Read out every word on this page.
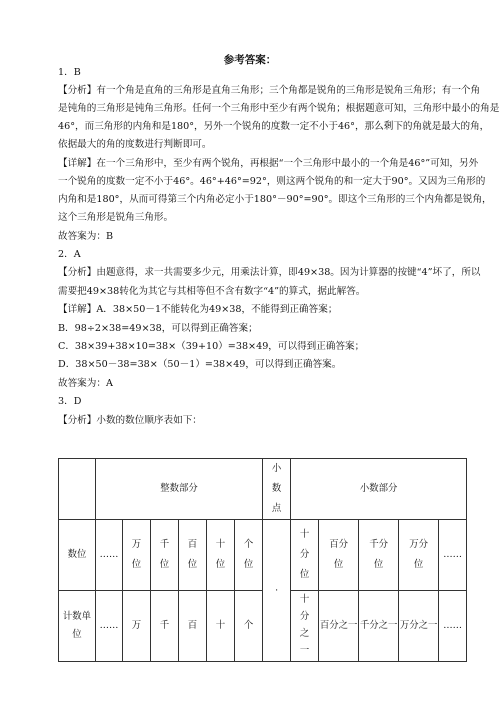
参考答案：
1．B
【分析】有一个角是直角的三角形是直角三角形；三个角都是锐角的三角形是锐角三角形；有一个角
是钝角的三角形是钝角三角形。任何一个三角形中至少有两个锐角；根据题意可知，三角形中最小的角是
46°，而三角形的内角和是180°，另外一个锐角的度数一定不小于46°，那么剩下的角就是最大的角，
依据最大的角的度数进行判断即可。
【详解】在一个三角形中，至少有两个锐角，再根据“一个三角形中最小的一个角是46°”可知，另外
一个锐角的度数一定不小于46°。46°+46°=92°，则这两个锐角的和一定大于90°。又因为三角形的
内角和是180°，从而可得第三个内角必定小于180°－90°=90°。即这个三角形的三个内角都是锐角，
这个三角形是锐角三角形。
故答案为：B
2．A
【分析】由题意得，求一共需要多少元，用乘法计算，即49×38。因为计算器的按键“4”坏了，所以
需要把49×38转化为其它与其相等但不含有数字“4”的算式，据此解答。
【详解】A．38×50－1不能转化为49×38，不能得到正确答案；
B．98÷2×38=49×38，可以得到正确答案；
C．38×39+38×10=38×（39+10）=38×49，可以得到正确答案；
D．38×50－38=38×（50－1）=38×49，可以得到正确答案。
故答案为：A
3．D
【分析】小数的数位顺序表如下：
	整数部分						小数点	小数部分				
数位	……	万位	千位	百位	十位	个位	·	十分位	百分位	千分位	万分位	……
计数单位	……	万	千	百	十	个		十分之一	百分之一	千分之一	万分之一	……
